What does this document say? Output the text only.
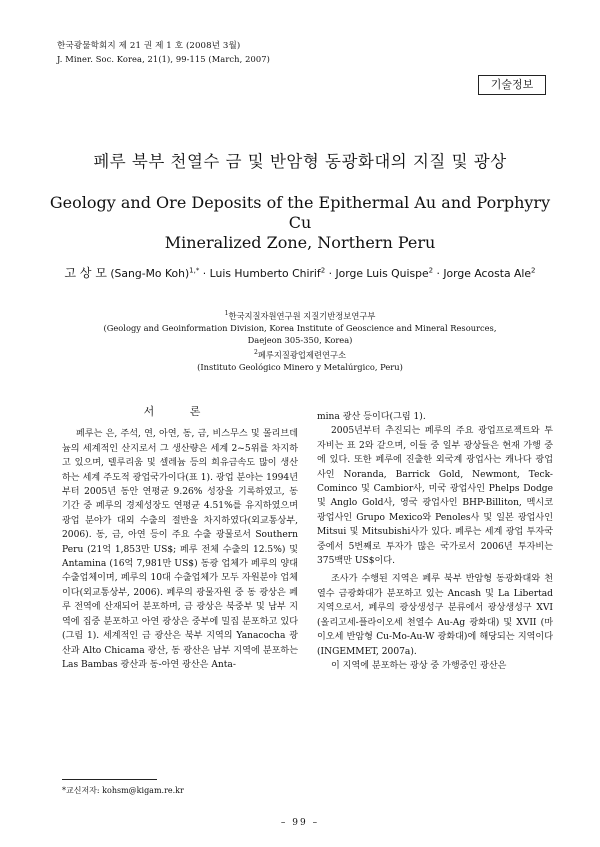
한국광물학회지 제 21 권 제 1 호 (2008년 3월)
J. Miner. Soc. Korea, 21(1), 99-115 (March, 2007)
기술정보
페루 북부 천열수 금 및 반암형 동광화대의 지질 및 광상
Geology and Ore Deposits of the Epithermal Au and Porphyry Cu
Mineralized Zone, Northern Peru
고 상 모 (Sang-Mo Koh)$^{1,*}$ · Luis Humberto Chirif$^2$ · Jorge Luis Quispe$^2$ · Jorge Acosta Ale$^2$
$^1$한국지질자원연구원 지질기반정보연구부
(Geology and Geoinformation Division, Korea Institute of Geoscience and Mineral Resources,
Daejeon 305-350, Korea)
$^2$페루지질광업제련연구소
(Instituto Geológico Minero y Metalúrgico, Peru)
서 론

페루는 은, 주석, 연, 아연, 동, 금, 비스무스 및 몰리브데늄의 세계적인 산지로서 그 생산량은 세계 2~5위를 차지하고 있으며, 텔루리움 및 셀레늄 등의 희유금속도 많이 생산하는 세계 주도적 광업국가이다(표 1). 광업 분야는 1994년부터 2005년 동안 연평균 9.26% 성장을 기록하였고, 동 기간 중 페루의 경제성장도 연평균 4.51%를 유지하였으며 광업 분야가 대외 수출의 절반을 차지하였다(외교통상부, 2006). 동, 금, 아연 등이 주요 수출 광물로서 Southern Peru (21억 1,853만 US$; 페루 전체 수출의 12.5%) 및 Antamina (16억 7,981만 US$) 동광 업체가 페루의 양대 수출업체이며, 페루의 10대 수출업체가 모두 자원분야 업체이다(외교통상부, 2006). 페루의 광물자원 중 동 광상은 페루 전역에 산재되어 분포하며, 금 광상은 북중부 및 남부 지역에 집중 분포하고 아연 광상은 중부에 밀집 분포하고 있다(그림 1). 세계적인 금 광산은 북부 지역의 Yanacocha 광산과 Alto Chicama 광산, 동 광산은 남부 지역에 분포하는 Las Bambas 광산과 동-아연 광산은 Anta-

mina 광산 등이다(그림 1).

2005년부터 추진되는 페루의 주요 광업프로젝트와 투자비는 표 2와 같으며, 이들 중 일부 광상들은 현재 가행 중에 있다. 또한 페루에 진출한 외국계 광업사는 캐나다 광업사인 Noranda, Barrick Gold, Newmont, Teck-Cominco 및 Cambior사, 미국 광업사인 Phelps Dodge 및 Anglo Gold사, 영국 광업사인 BHP-Billiton, 멕시코 광업사인 Grupo Mexico와 Penoles사 및 일본 광업사인 Mitsui 및 Mitsubishi사가 있다. 페루는 세계 광업 투자국 중에서 5번째로 투자가 많은 국가로서 2006년 투자비는 375백만 US$이다.

조사가 수행된 지역은 페루 북부 반암형 동광화대와 천열수 금광화대가 분포하고 있는 Ancash 및 La Libertad 지역으로서, 페루의 광상생성구 분류에서 광상생성구 XVI (올리고세-플라이오세 천열수 Au-Ag 광화대) 및 XVII (마이오세 반암형 Cu-Mo-Au-W 광화대)에 해당되는 지역이다(INGEMMET, 2007a).

이 지역에 분포하는 광상 중 가행중인 광산은

*교신저자: kohsm@kigam.re.kr
– 99 –
